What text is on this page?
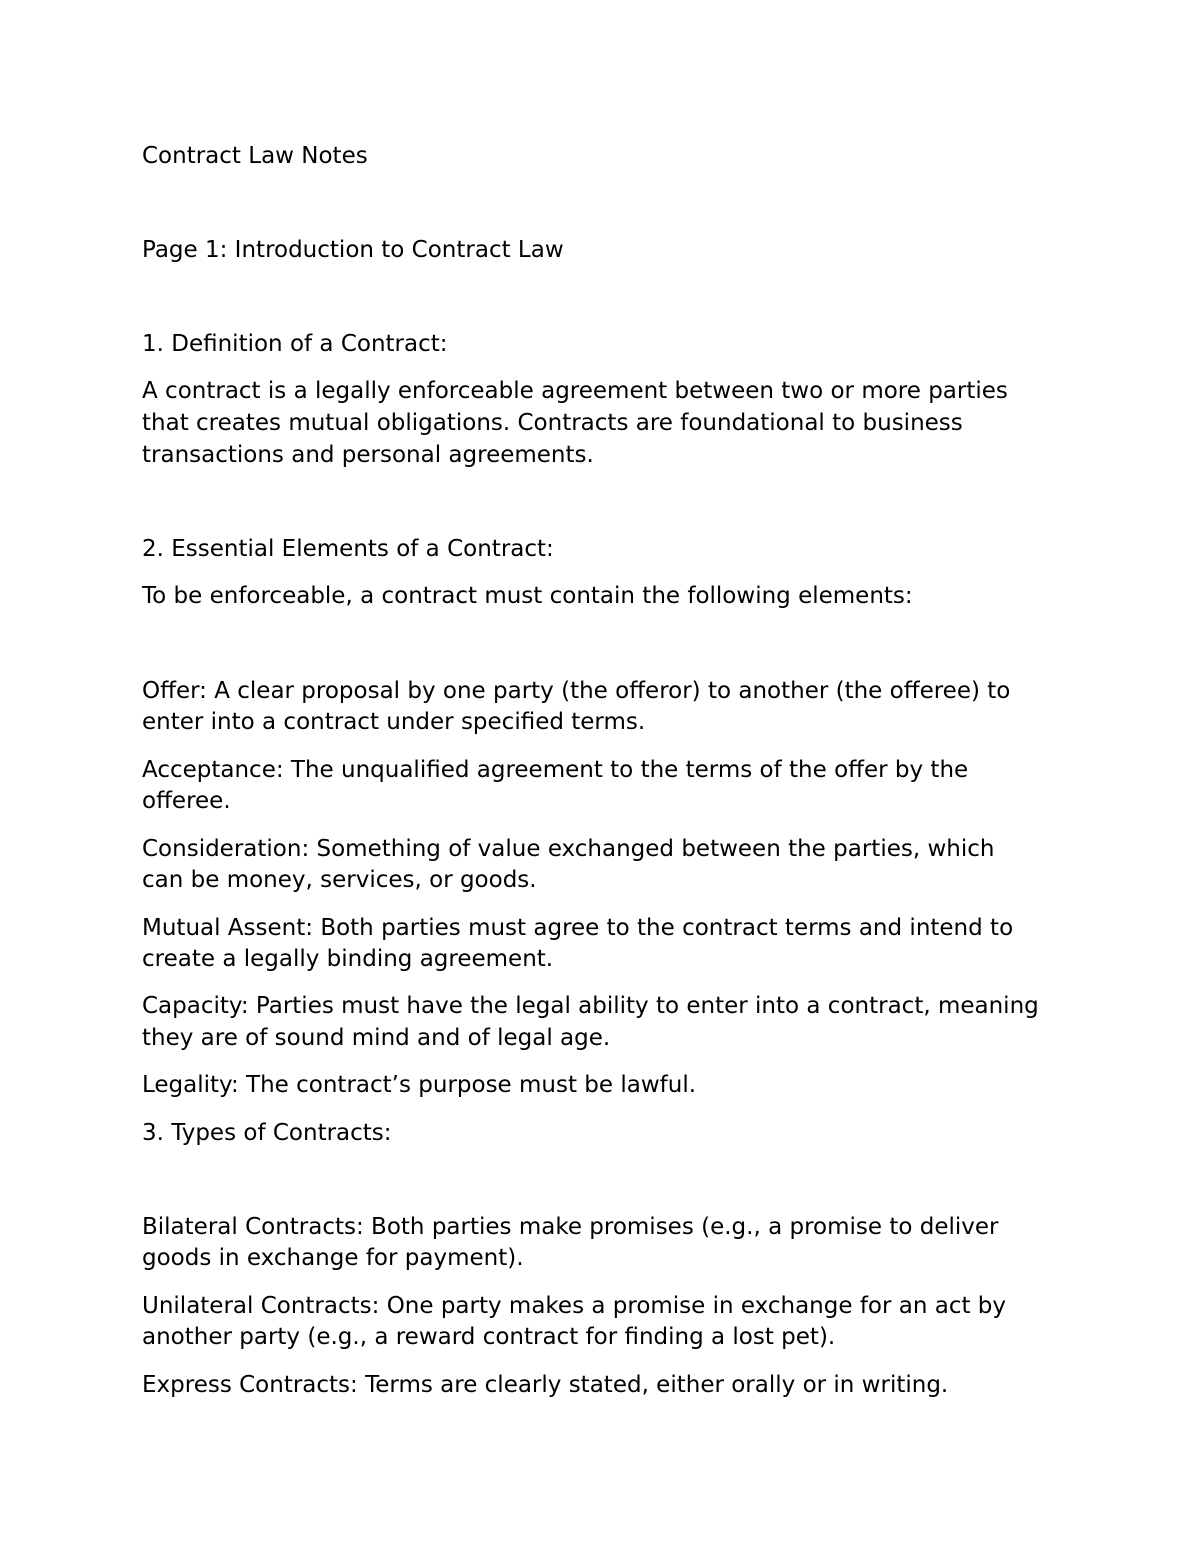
Contract Law Notes

Page 1: Introduction to Contract Law

1. Definition of a Contract:

A contract is a legally enforceable agreement between two or more parties

that creates mutual obligations. Contracts are foundational to business

transactions and personal agreements.

2. Essential Elements of a Contract:

To be enforceable, a contract must contain the following elements:

Offer: A clear proposal by one party (the offeror) to another (the offeree) to

enter into a contract under specified terms.

Acceptance: The unqualified agreement to the terms of the offer by the

offeree.

Consideration: Something of value exchanged between the parties, which

can be money, services, or goods.

Mutual Assent: Both parties must agree to the contract terms and intend to

create a legally binding agreement.

Capacity: Parties must have the legal ability to enter into a contract, meaning

they are of sound mind and of legal age.

Legality: The contract’s purpose must be lawful.

3. Types of Contracts:

Bilateral Contracts: Both parties make promises (e.g., a promise to deliver

goods in exchange for payment).

Unilateral Contracts: One party makes a promise in exchange for an act by

another party (e.g., a reward contract for finding a lost pet).

Express Contracts: Terms are clearly stated, either orally or in writing.
